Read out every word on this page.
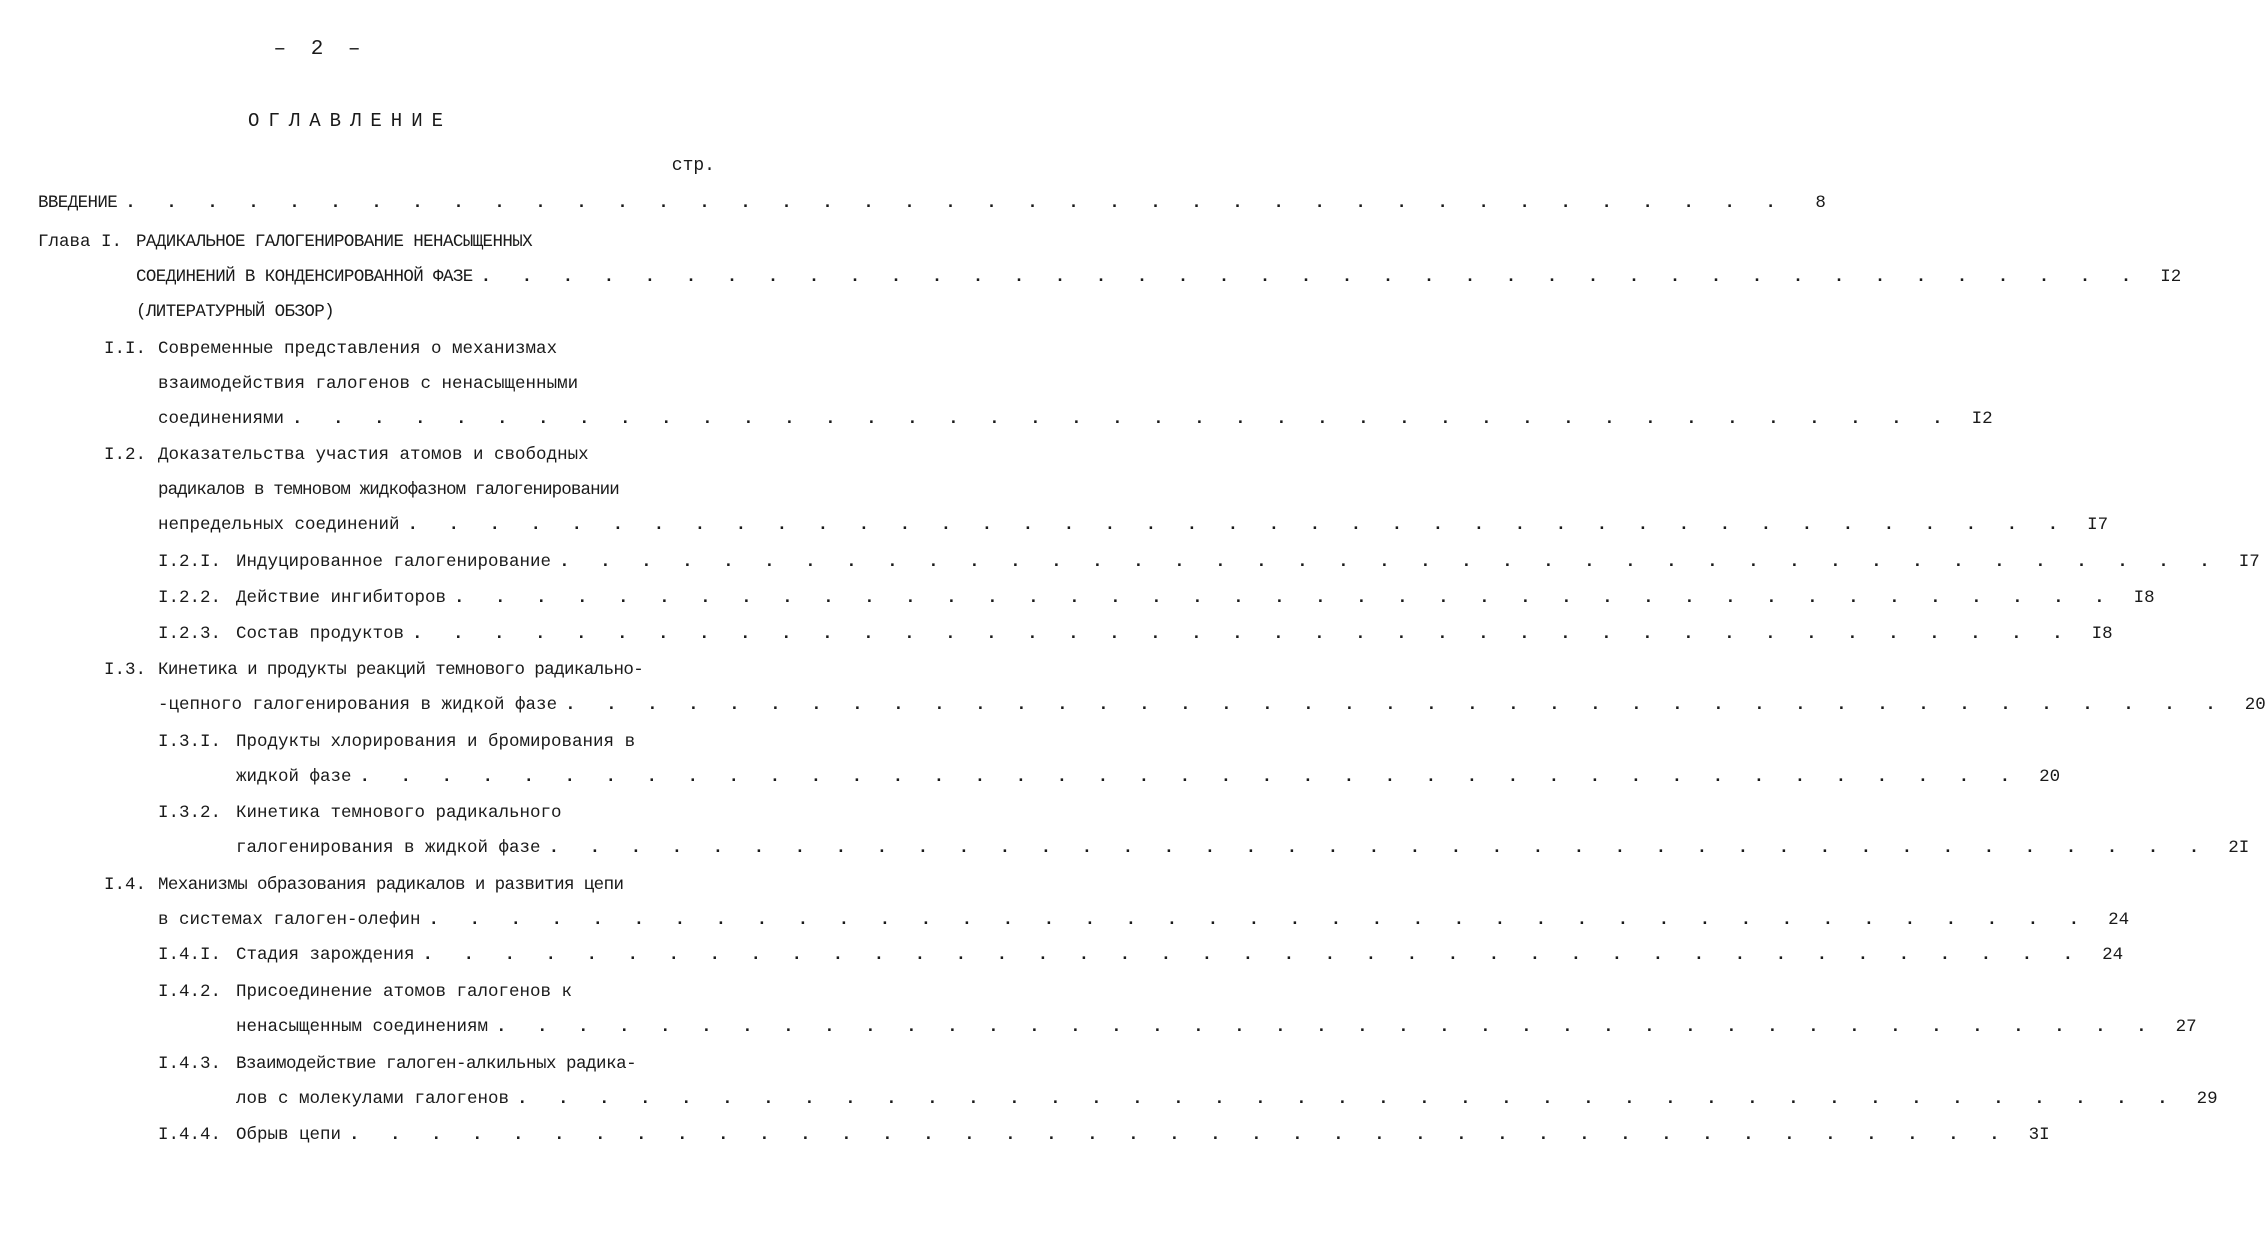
– 2 –
ОГЛАВЛЕНИЕ
стр.
ВВЕДЕНИЕ . . . . . . . . . . . . . . . . . . . . . . . . . . . . . . . . . . . . . . . . .	8
Глава I. РАДИКАЛЬНОЕ ГАЛОГЕНИРОВАНИЕ НЕНАСЫЩЕННЫХ
СОЕДИНЕНИЙ В КОНДЕНСИРОВАННОЙ ФАЗЕ . . . . . . . . . . . . . . . . . . . . . . . . . . . . . . . . . . . . . . . . .	I2
(ЛИТЕРАТУРНЫЙ ОБЗОР)
I.I. Современные представления о механизмах
взаимодействия галогенов с ненасыщенными
соединениями . . . . . . . . . . . . . . . . . . . . . . . . . . . . . . . . . . . . . . . . .	I2
I.2. Доказательства участия атомов и свободных
радикалов в темновом жидкофазном галогенировании
непредельных соединений . . . . . . . . . . . . . . . . . . . . . . . . . . . . . . . . . . . . . . . . .	I7
I.2.I. Индуцированное галогенирование . . . . . . . . . . . . . . . . . . . . . . . . . . . . . . . . . . . . . . . . .	I7
I.2.2. Действие ингибиторов . . . . . . . . . . . . . . . . . . . . . . . . . . . . . . . . . . . . . . . . .	I8
I.2.3. Состав продуктов . . . . . . . . . . . . . . . . . . . . . . . . . . . . . . . . . . . . . . . . .	I8
I.3. Кинетика и продукты реакций темнового радикально-
-цепного галогенирования в жидкой фазе . . . . . . . . . . . . . . . . . . . . . . . . . . . . . . . . . . . . . . . . .	20
I.3.I. Продукты хлорирования и бромирования в
жидкой фазе . . . . . . . . . . . . . . . . . . . . . . . . . . . . . . . . . . . . . . . . .	20
I.3.2. Кинетика темнового радикального
галогенирования в жидкой фазе . . . . . . . . . . . . . . . . . . . . . . . . . . . . . . . . . . . . . . . . .	2I
I.4. Механизмы образования радикалов и развития цепи
в системах галоген-олефин . . . . . . . . . . . . . . . . . . . . . . . . . . . . . . . . . . . . . . . . .	24
I.4.I. Стадия зарождения . . . . . . . . . . . . . . . . . . . . . . . . . . . . . . . . . . . . . . . . .	24
I.4.2. Присоединение атомов галогенов к
ненасыщенным соединениям . . . . . . . . . . . . . . . . . . . . . . . . . . . . . . . . . . . . . . . . .	27
I.4.3. Взаимодействие галоген-алкильных радика-
лов с молекулами галогенов . . . . . . . . . . . . . . . . . . . . . . . . . . . . . . . . . . . . . . . . .	29
I.4.4. Обрыв цепи . . . . . . . . . . . . . . . . . . . . . . . . . . . . . . . . . . . . . . . . .	3I
